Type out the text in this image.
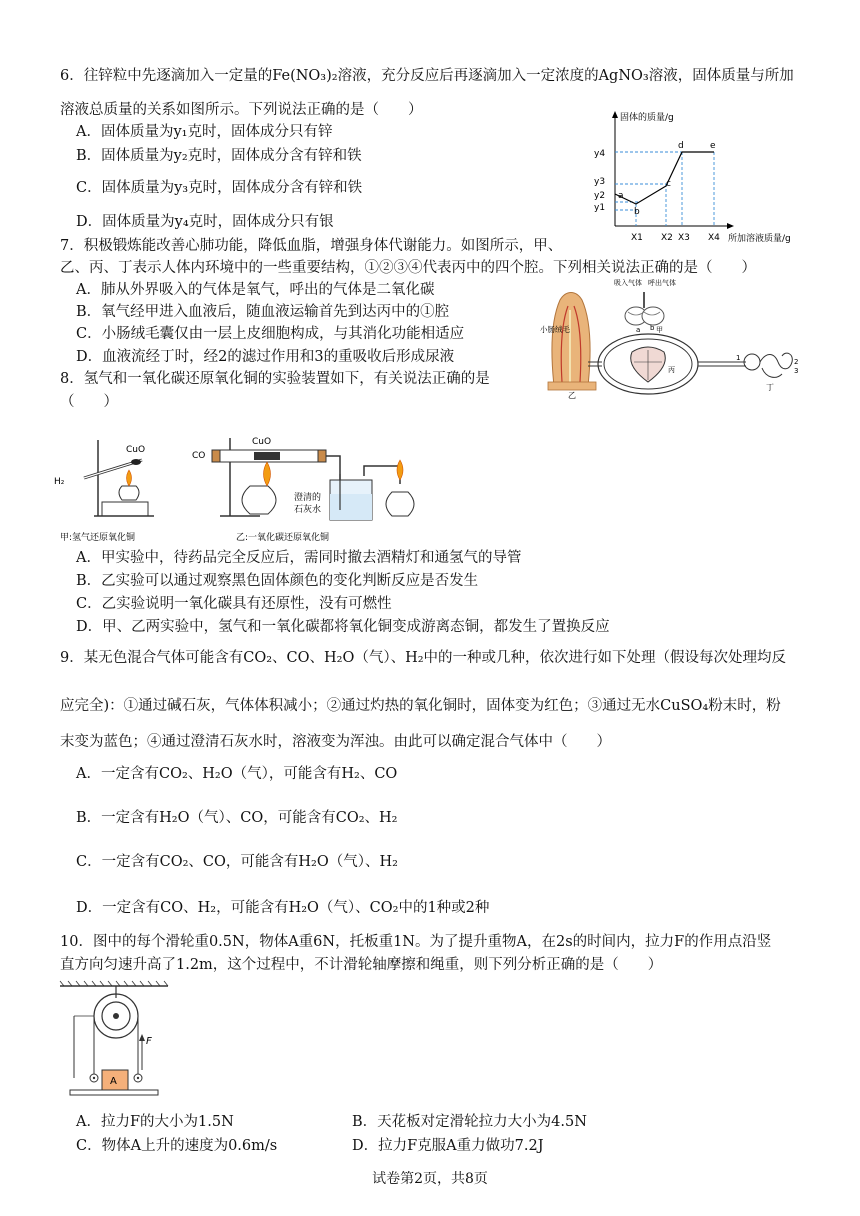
6．往锌粒中先逐滴加入一定量的Fe(NO₃)₂溶液，充分反应后再逐滴加入一定浓度的AgNO₃溶液，固体质量与所加
溶液总质量的关系如图所示。下列说法正确的是（　　）
A．固体质量为y₁克时，固体成分只有锌
B．固体质量为y₂克时，固体成分含有锌和铁
C．固体质量为y₃克时，固体成分含有锌和铁
D．固体质量为y₄克时，固体成分只有银
固体的质量/g
所加溶液质量/g
y4
y3
y2
y1
X1 X2 X3 X4
a
b
c
d	e
7．积极锻炼能改善心肺功能，降低血脂，增强身体代谢能力。如图所示，甲、
乙、丙、丁表示人体内环境中的一些重要结构，①②③④代表丙中的四个腔。下列相关说法正确的是（　　）
A．肺从外界吸入的气体是氧气，呼出的气体是二氧化碳
B．氧气经甲进入血液后，随血液运输首先到达丙中的①腔
C．小肠绒毛囊仅由一层上皮细胞构成，与其消化功能相适应
D．血液流经丁时，经2的滤过作用和3的重吸收后形成尿液
小肠绒毛
乙
吸入气体 呼出气体
甲
a b
丙
1	2
3
丁
8．氢气和一氧化碳还原氧化铜的实验装置如下，有关说法正确的是
（　　）
H₂
CuO
甲:氢气还原氧化铜
CO
CuO
澄清的
石灰水
乙:一氧化碳还原氧化铜
A．甲实验中，待药品完全反应后，需同时撤去酒精灯和通氢气的导管
B．乙实验可以通过观察黑色固体颜色的变化判断反应是否发生
C．乙实验说明一氧化碳具有还原性，没有可燃性
D．甲、乙两实验中，氢气和一氧化碳都将氧化铜变成游离态铜，都发生了置换反应
9．某无色混合气体可能含有CO₂、CO、H₂O（气）、H₂中的一种或几种，依次进行如下处理（假设每次处理均反
应完全)：①通过碱石灰，气体体积减小；②通过灼热的氧化铜时，固体变为红色；③通过无水CuSO₄粉末时，粉
末变为蓝色；④通过澄清石灰水时，溶液变为浑浊。由此可以确定混合气体中（　　）
A．一定含有CO₂、H₂O（气），可能含有H₂、CO
B．一定含有H₂O（气）、CO，可能含有CO₂、H₂
C．一定含有CO₂、CO，可能含有H₂O（气）、H₂
D．一定含有CO、H₂，可能含有H₂O（气）、CO₂中的1种或2种
10．图中的每个滑轮重0.5N，物体A重6N，托板重1N。为了提升重物A，在2s的时间内，拉力F的作用点沿竖
直方向匀速升高了1.2m，这个过程中，不计滑轮轴摩擦和绳重，则下列分析正确的是（　　）
A
F
A．拉力F的大小为1.5N	B．天花板对定滑轮拉力大小为4.5N
C．物体A上升的速度为0.6m/s	D．拉力F克服A重力做功7.2J
试卷第2页，共8页
